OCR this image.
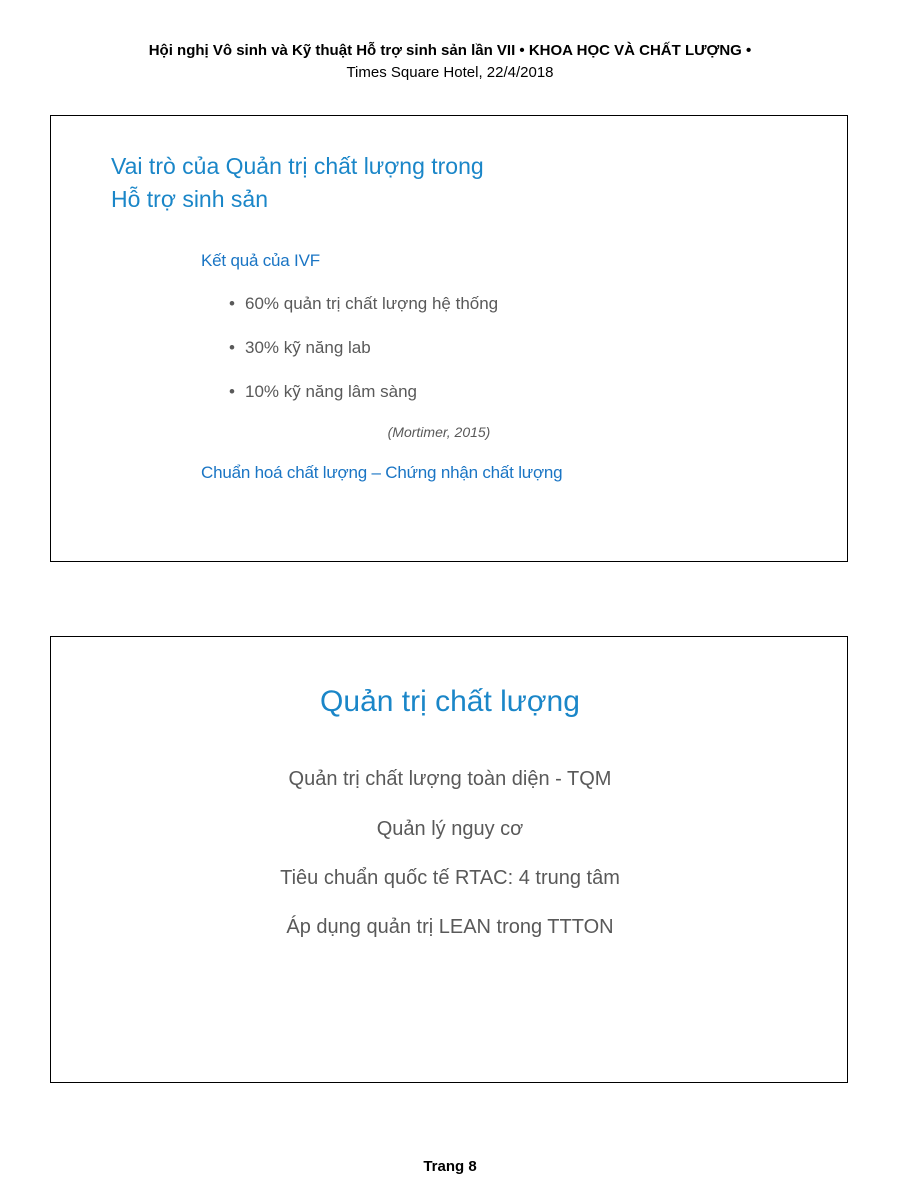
Hội nghị Vô sinh và Kỹ thuật Hỗ trợ sinh sản lần VII • KHOA HỌC VÀ CHẤT LƯỢNG •
Times Square Hotel, 22/4/2018
Vai trò của Quản trị chất lượng trong
Hỗ trợ sinh sản
Kết quả của IVF
• 60% quản trị chất lượng hệ thống
• 30% kỹ năng lab
• 10% kỹ năng lâm sàng
(Mortimer, 2015)
Chuẩn hoá chất lượng – Chứng nhận chất lượng
Quản trị chất lượng
Quản trị chất lượng toàn diện - TQM
Quản lý nguy cơ
Tiêu chuẩn quốc tế RTAC: 4 trung tâm
Áp dụng quản trị LEAN trong TTTON
Trang 8
